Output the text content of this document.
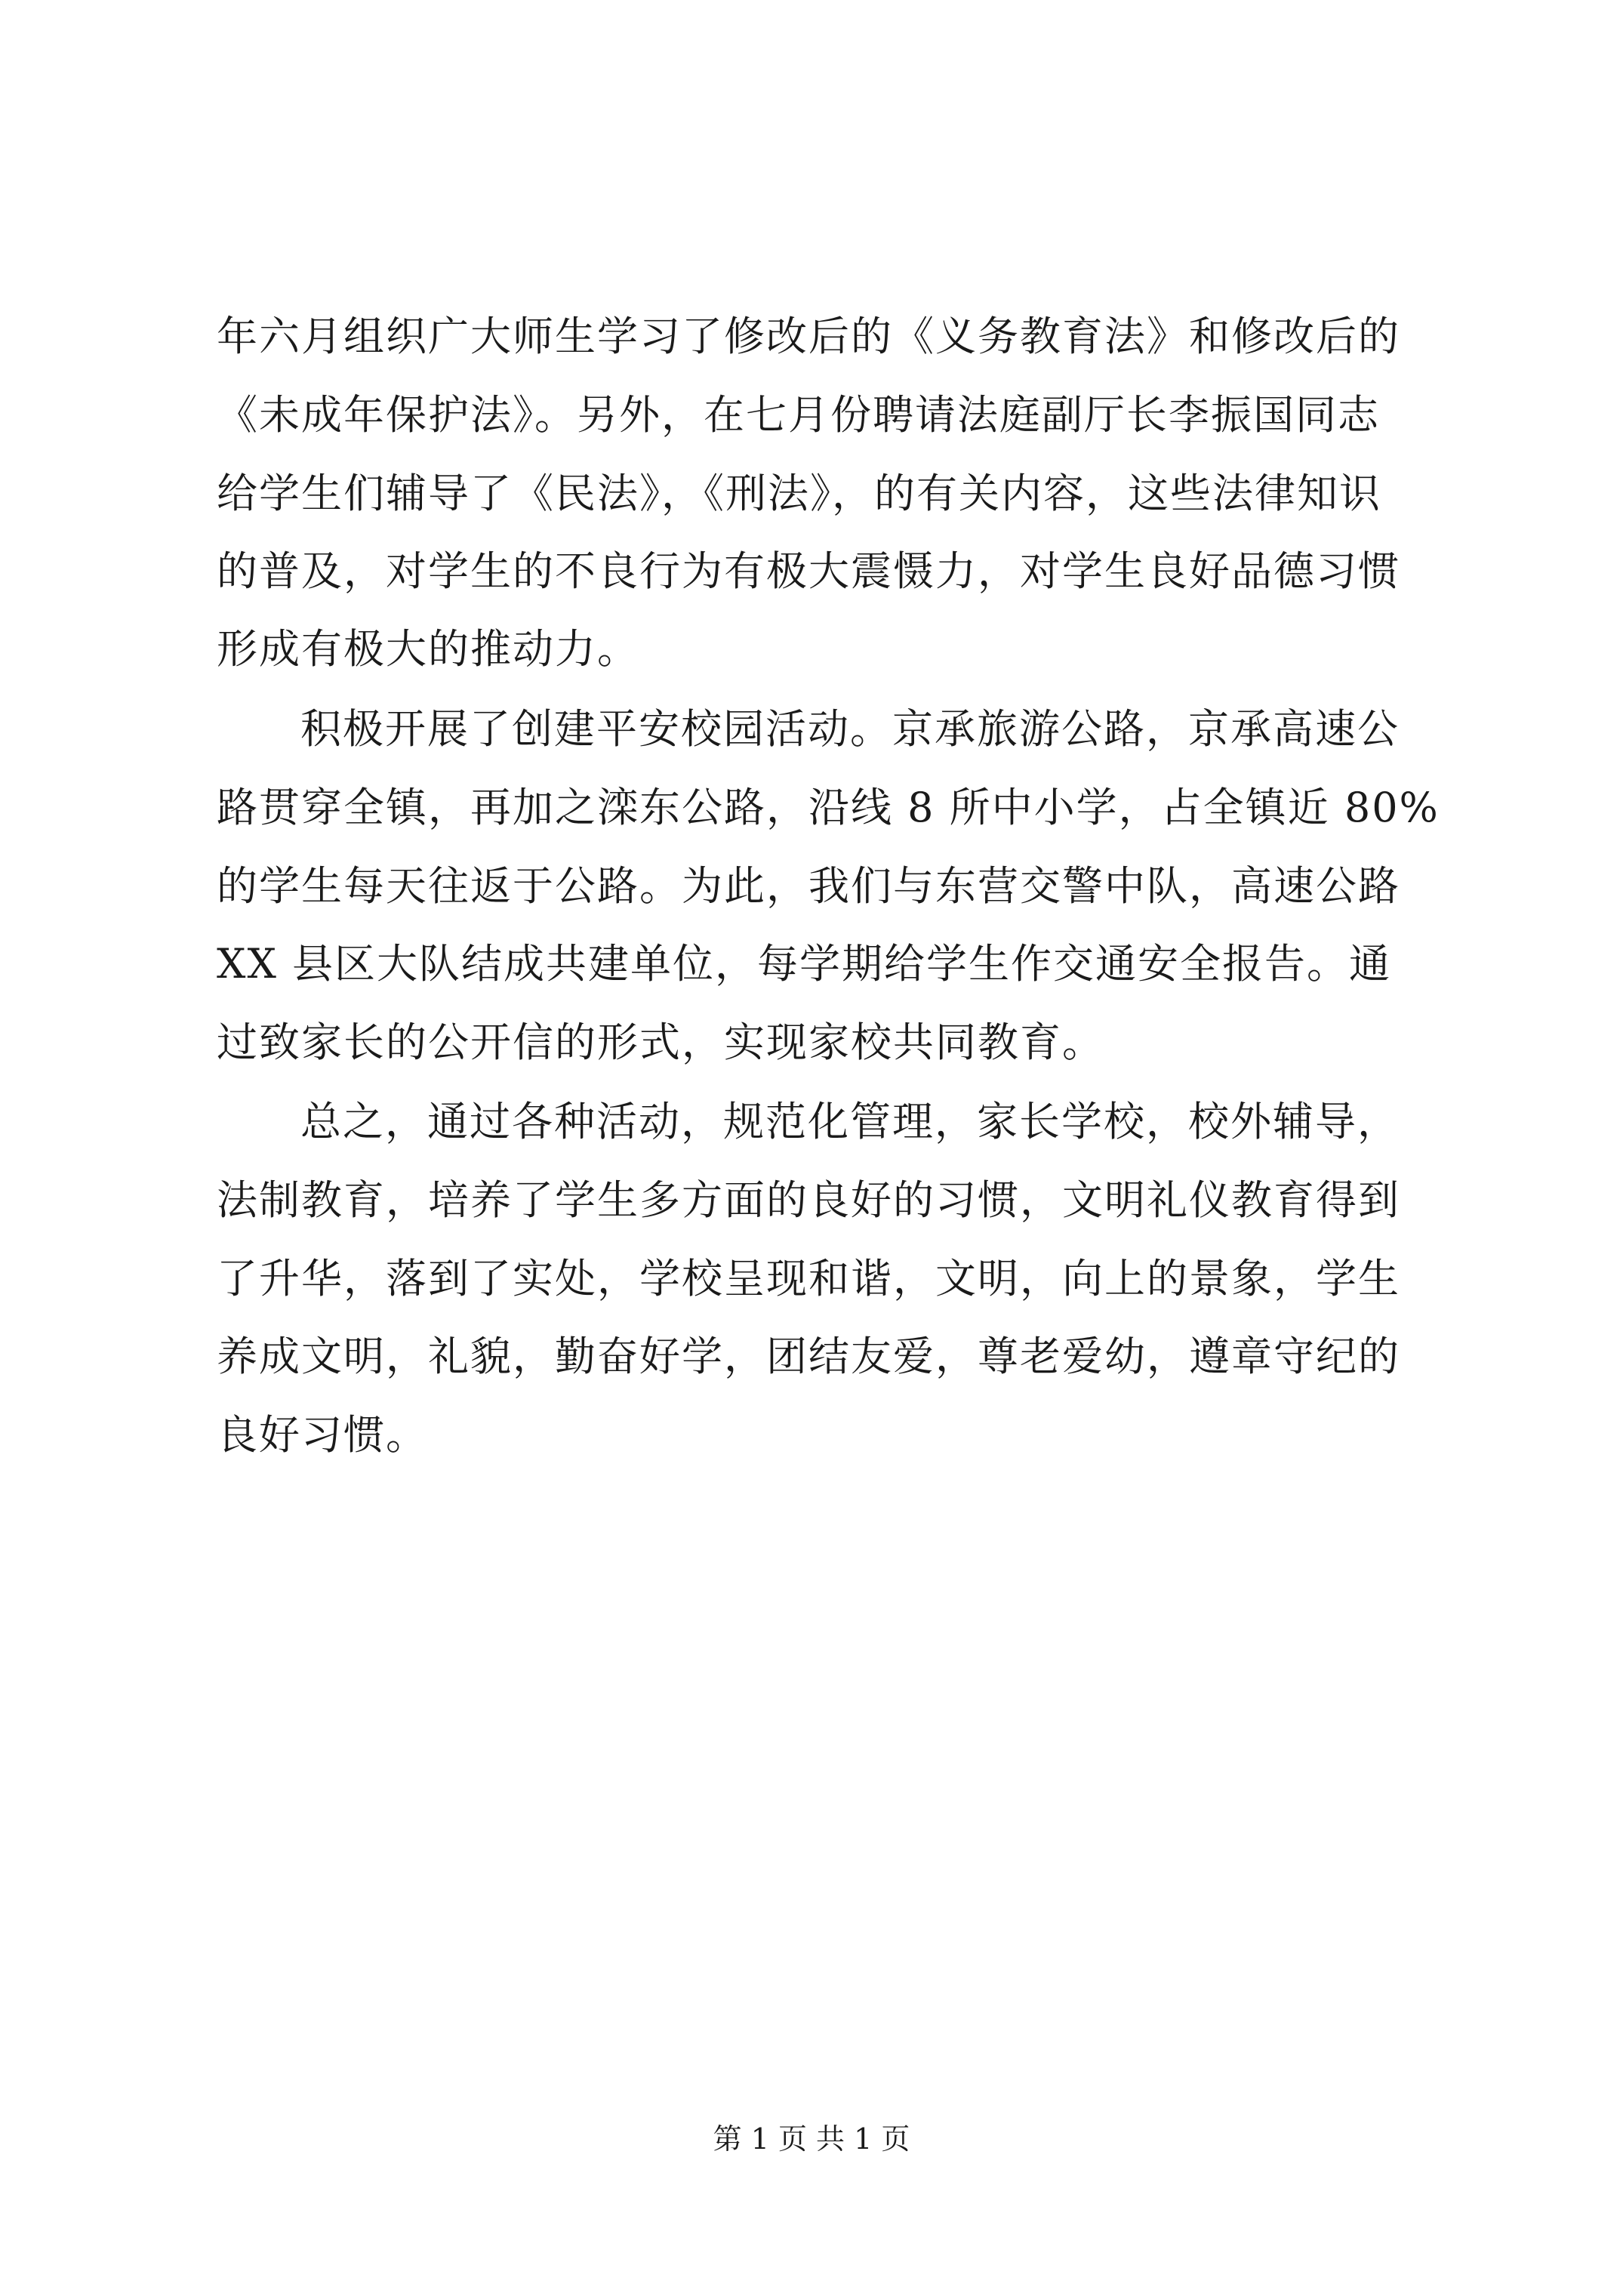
年六月组织广大师生学习了修改后的《义务教育法》和修改后的
《未成年保护法》。另外，在七月份聘请法庭副厅长李振国同志
给学生们辅导了《民法》，《刑法》，的有关内容，这些法律知识
的普及，对学生的不良行为有极大震慑力，对学生良好品德习惯
形成有极大的推动力。
积极开展了创建平安校园活动。京承旅游公路，京承高速公
路贯穿全镇，再加之滦东公路，沿线 8 所中小学，占全镇近 80%
的学生每天往返于公路。为此，我们与东营交警中队，高速公路
XX 县区大队结成共建单位，每学期给学生作交通安全报告。通
过致家长的公开信的形式，实现家校共同教育。
总之，通过各种活动，规范化管理，家长学校，校外辅导，
法制教育，培养了学生多方面的良好的习惯，文明礼仪教育得到
了升华，落到了实处，学校呈现和谐，文明，向上的景象，学生
养成文明，礼貌，勤奋好学，团结友爱，尊老爱幼，遵章守纪的
良好习惯。
第 1 页 共 1 页
